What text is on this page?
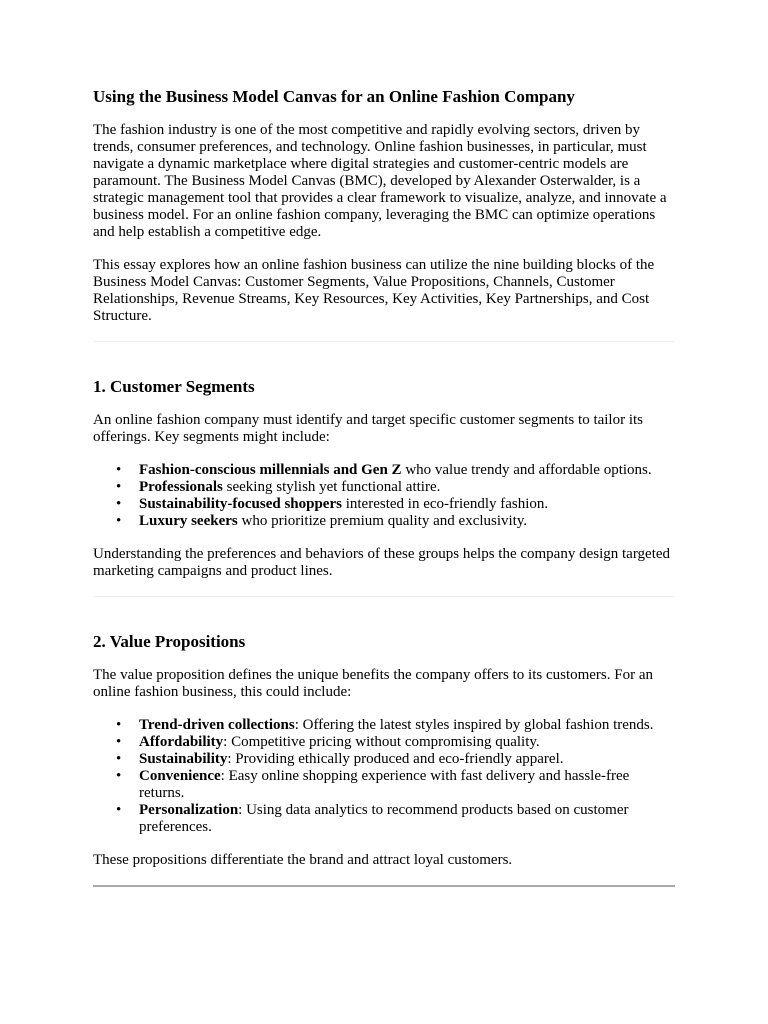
Using the Business Model Canvas for an Online Fashion Company

The fashion industry is one of the most competitive and rapidly evolving sectors, driven by trends, consumer preferences, and technology. Online fashion businesses, in particular, must navigate a dynamic marketplace where digital strategies and customer-centric models are paramount. The Business Model Canvas (BMC), developed by Alexander Osterwalder, is a strategic management tool that provides a clear framework to visualize, analyze, and innovate a business model. For an online fashion company, leveraging the BMC can optimize operations and help establish a competitive edge.

This essay explores how an online fashion business can utilize the nine building blocks of the Business Model Canvas: Customer Segments, Value Propositions, Channels, Customer Relationships, Revenue Streams, Key Resources, Key Activities, Key Partnerships, and Cost Structure.

1. Customer Segments

An online fashion company must identify and target specific customer segments to tailor its offerings. Key segments might include:

• Fashion-conscious millennials and Gen Z who value trendy and affordable options.
• Professionals seeking stylish yet functional attire.
• Sustainability-focused shoppers interested in eco-friendly fashion.
• Luxury seekers who prioritize premium quality and exclusivity.

Understanding the preferences and behaviors of these groups helps the company design targeted marketing campaigns and product lines.

2. Value Propositions

The value proposition defines the unique benefits the company offers to its customers. For an online fashion business, this could include:

• Trend-driven collections: Offering the latest styles inspired by global fashion trends.
• Affordability: Competitive pricing without compromising quality.
• Sustainability: Providing ethically produced and eco-friendly apparel.
• Convenience: Easy online shopping experience with fast delivery and hassle-free returns.
• Personalization: Using data analytics to recommend products based on customer preferences.

These propositions differentiate the brand and attract loyal customers.
